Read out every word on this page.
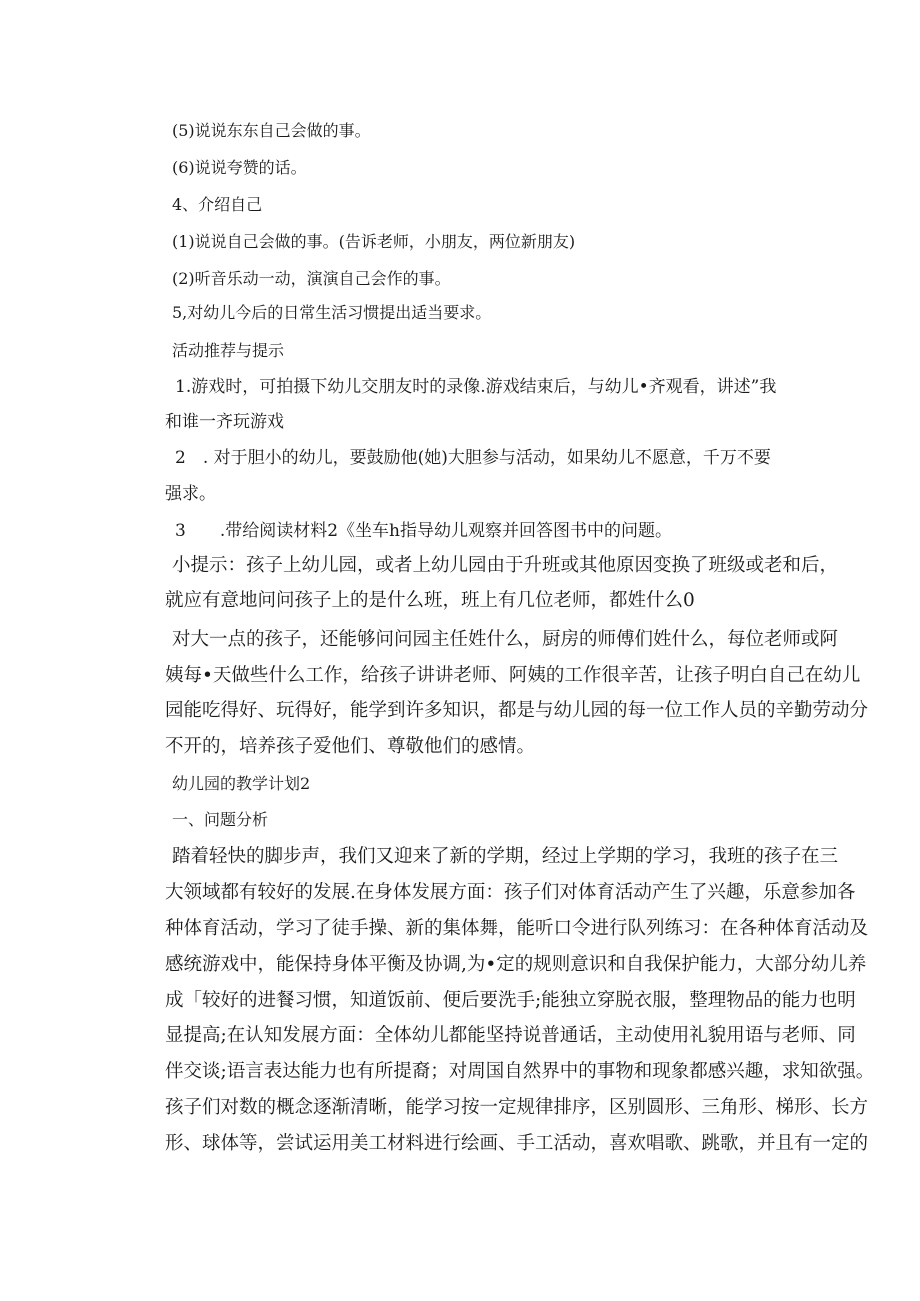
(5)说说东东自己会做的事。
(6)说说夸赞的话。
4、介绍自己
(1)说说自己会做的事。(告诉老师，小朋友，两位新朋友)
(2)听音乐动一动，演演自己会作的事。
5,对幼儿今后的日常生活习惯提出适当要求。
活动推荐与提示
1.游戏时，可拍摄下幼儿交朋友时的录像.游戏结束后，与幼儿•齐观看，讲述”我
和谁一齐玩游戏
2　. 对于胆小的幼儿，要鼓励他(她)大胆参与活动，如果幼儿不愿意，千万不要
强求。
3　　.带给阅读材料2《坐车h指导幼儿观察并回答图书中的问题。
小提示：孩子上幼儿园，或者上幼儿园由于升班或其他原因变换了班级或老和后，
就应有意地问问孩子上的是什么班，班上有几位老师，都姓什么0
对大一点的孩子，还能够问问园主任姓什么，厨房的师傅们姓什么，每位老师或阿
姨每•天做些什么工作，给孩子讲讲老师、阿姨的工作很辛苦，让孩子明白自己在幼儿
园能吃得好、玩得好，能学到许多知识，都是与幼儿园的每一位工作人员的辛勤劳动分
不开的，培养孩子爱他们、尊敬他们的感情。
幼儿园的教学计划2
一、问题分析
踏着轻快的脚步声，我们又迎来了新的学期，经过上学期的学习，我班的孩子在三
大领域都有较好的发展.在身体发展方面：孩子们对体育活动产生了兴趣，乐意参加各
种体育活动，学习了徒手操、新的集体舞，能听口令进行队列练习：在各种体育活动及
感统游戏中，能保持身体平衡及协调,为•定的规则意识和自我保护能力，大部分幼儿养
成「较好的进餐习惯，知道饭前、便后要洗手;能独立穿脱衣服，整理物品的能力也明
显提高;在认知发展方面：全体幼儿都能坚持说普通话，主动使用礼貌用语与老师、同
伴交谈;语言表达能力也有所提裔；对周国自然界中的事物和现象都感兴趣，求知欲强。
孩子们对数的概念逐渐清晰，能学习按一定规律排序，区别圆形、三角形、梯形、长方
形、球体等，尝试运用美工材料进行绘画、手工活动，喜欢唱歌、跳歌，并且有一定的
